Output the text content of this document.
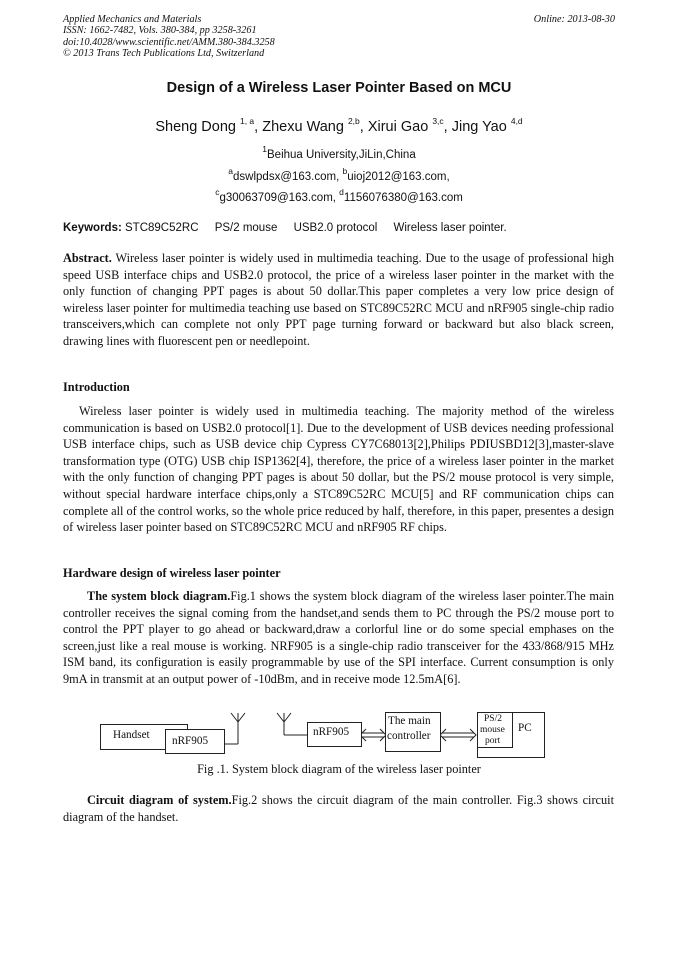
Applied Mechanics and Materials
ISSN: 1662-7482, Vols. 380-384, pp 3258-3261
doi:10.4028/www.scientific.net/AMM.380-384.3258
© 2013 Trans Tech Publications Ltd, Switzerland
Online: 2013-08-30
Design of a Wireless Laser Pointer Based on MCU
Sheng Dong $^{1, a}$, Zhexu Wang $^{2,b}$, Xirui Gao $^{3,c}$, Jing Yao $^{4,d}$
$^1$Beihua University,JiLin,China
$^a$dswlpdsx@163.com, $^b$uioj2012@163.com,
$^c$g30063709@163.com, $^d$1156076380@163.com
Keywords: STC89C52RC PS/2 mouse USB2.0 protocol Wireless laser pointer.
Abstract. Wireless laser pointer is widely used in multimedia teaching. Due to the usage of professional high speed USB interface chips and USB2.0 protocol, the price of a wireless laser pointer in the market with the only function of changing PPT pages is about 50 dollar.This paper completes a very low price design of wireless laser pointer for multimedia teaching use based on STC89C52RC MCU and nRF905 single-chip radio transceivers,which can complete not only PPT page turning forward or backward but also black screen, drawing lines with fluorescent pen or needlepoint.
Introduction
Wireless laser pointer is widely used in multimedia teaching. The majority method of the wireless communication is based on USB2.0 protocol[1]. Due to the development of USB devices needing professional USB interface chips, such as USB device chip Cypress CY7C68013[2],Philips PDIUSBD12[3],master-slave transformation type (OTG) USB chip ISP1362[4], therefore, the price of a wireless laser pointer in the market with the only function of changing PPT pages is about 50 dollar, but the PS/2 mouse protocol is very simple, without special hardware interface chips,only a STC89C52RC MCU[5] and RF communication chips can complete all of the control works, so the whole price reduced by half, therefore, in this paper, presentes a design of wireless laser pointer based on STC89C52RC MCU and nRF905 RF chips.
Hardware design of wireless laser pointer
The system block diagram.Fig.1 shows the system block diagram of the wireless laser pointer.The main controller receives the signal coming from the handset,and sends them to PC through the PS/2 mouse port to control the PPT player to go ahead or backward,draw a corlorful line or do some special emphases on the screen,just like a real mouse is working. NRF905 is a single-chip radio transceiver for the 433/868/915 MHz ISM band, its configuration is easily programmable by use of the SPI interface. Current consumption is only 9mA in transmit at an output power of -10dBm, and in receive mode 12.5mA[6].
Handset nRF905
nRF905
The main
controller
PC
PS/2
mouse
port
Fig .1. System block diagram of the wireless laser pointer
Circuit diagram of system.Fig.2 shows the circuit diagram of the main controller. Fig.3 shows circuit diagram of the handset.
